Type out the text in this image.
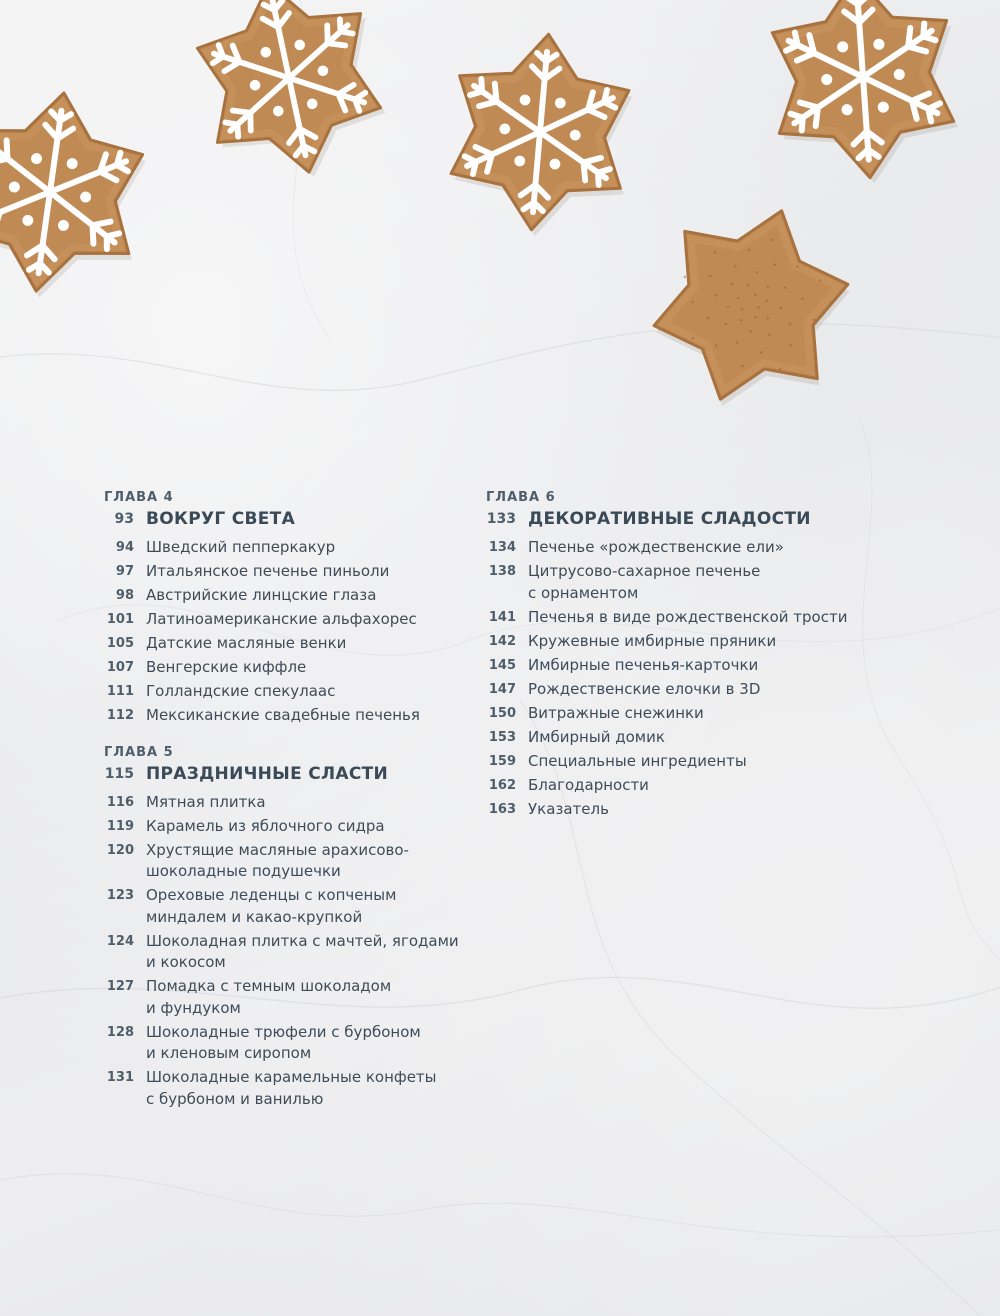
ГЛАВА 4
93 ВОКРУГ СВЕТА
94 Шведский пепперкакур
97 Итальянское печенье пиньоли
98 Австрийские линцские глаза
101 Латиноамериканские альфахорес
105 Датские масляные венки
107 Венгерские киффле
111 Голландские спекулаас
112 Мексиканские свадебные печенья
ГЛАВА 5
115 ПРАЗДНИЧНЫЕ СЛАСТИ
116 Мятная плитка
119 Карамель из яблочного сидра
120 Хрустящие масляные арахисово-
шоколадные подушечки
123 Ореховые леденцы с копченым
миндалем и какао-крупкой
124 Шоколадная плитка с мачтей, ягодами
и кокосом
127 Помадка с темным шоколадом
и фундуком
128 Шоколадные трюфели с бурбоном
и кленовым сиропом
131 Шоколадные карамельные конфеты
с бурбоном и ванилью
ГЛАВА 6
133 ДЕКОРАТИВНЫЕ СЛАДОСТИ
134 Печенье «рождественские ели»
138 Цитрусово-сахарное печенье
с орнаментом
141 Печенья в виде рождественской трости
142 Кружевные имбирные пряники
145 Имбирные печенья-карточки
147 Рождественские елочки в 3D
150 Витражные снежинки
153 Имбирный домик
159 Специальные ингредиенты
162 Благодарности
163 Указатель
